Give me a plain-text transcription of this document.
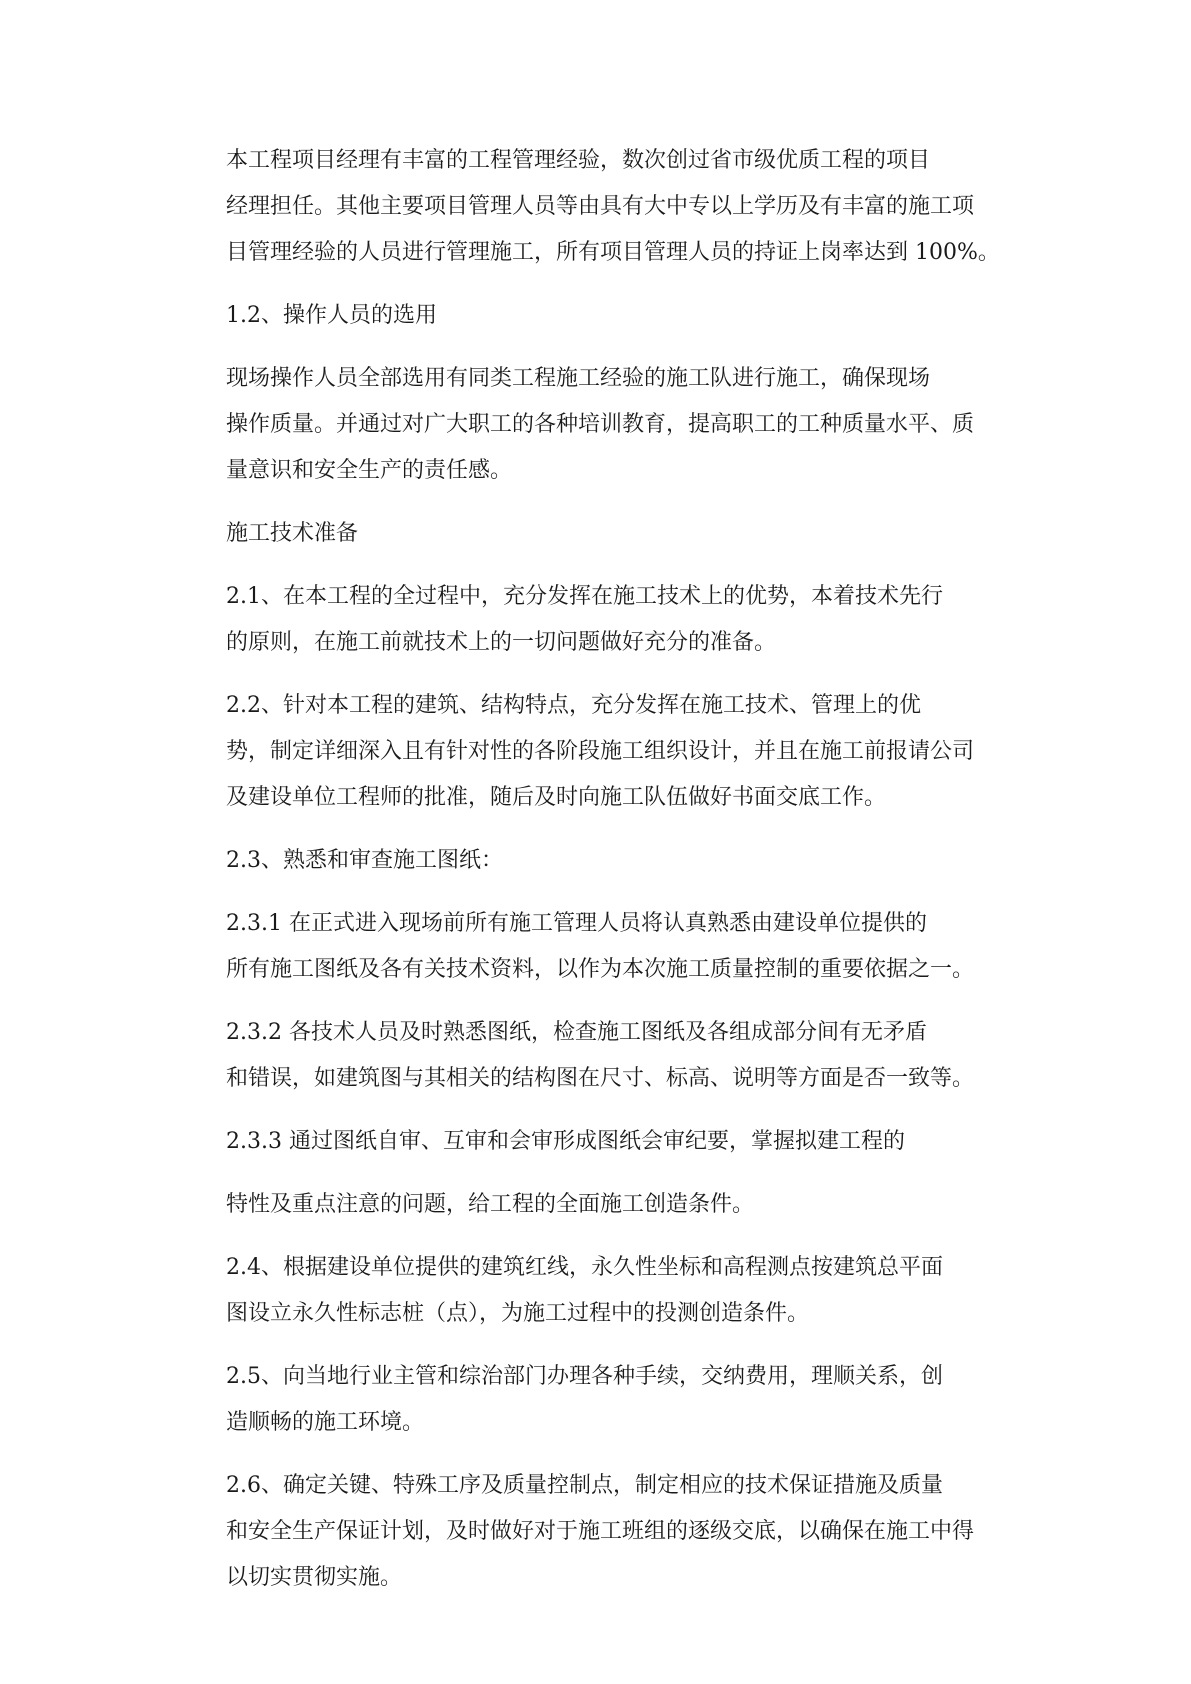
本工程项目经理有丰富的工程管理经验，数次创过省市级优质工程的项目
经理担任。其他主要项目管理人员等由具有大中专以上学历及有丰富的施工项
目管理经验的人员进行管理施工，所有项目管理人员的持证上岗率达到 100%。

1.2、操作人员的选用

现场操作人员全部选用有同类工程施工经验的施工队进行施工，确保现场
操作质量。并通过对广大职工的各种培训教育，提高职工的工种质量水平、质
量意识和安全生产的责任感。

施工技术准备

2.1、在本工程的全过程中，充分发挥在施工技术上的优势，本着技术先行
的原则，在施工前就技术上的一切问题做好充分的准备。

2.2、针对本工程的建筑、结构特点，充分发挥在施工技术、管理上的优
势，制定详细深入且有针对性的各阶段施工组织设计，并且在施工前报请公司
及建设单位工程师的批准，随后及时向施工队伍做好书面交底工作。

2.3、熟悉和审查施工图纸：

2.3.1 在正式进入现场前所有施工管理人员将认真熟悉由建设单位提供的
所有施工图纸及各有关技术资料，以作为本次施工质量控制的重要依据之一。

2.3.2 各技术人员及时熟悉图纸，检查施工图纸及各组成部分间有无矛盾
和错误，如建筑图与其相关的结构图在尺寸、标高、说明等方面是否一致等。

2.3.3 通过图纸自审、互审和会审形成图纸会审纪要，掌握拟建工程的

特性及重点注意的问题，给工程的全面施工创造条件。

2.4、根据建设单位提供的建筑红线，永久性坐标和高程测点按建筑总平面
图设立永久性标志桩（点），为施工过程中的投测创造条件。

2.5、向当地行业主管和综治部门办理各种手续，交纳费用，理顺关系，创
造顺畅的施工环境。

2.6、确定关键、特殊工序及质量控制点，制定相应的技术保证措施及质量
和安全生产保证计划，及时做好对于施工班组的逐级交底，以确保在施工中得
以切实贯彻实施。
